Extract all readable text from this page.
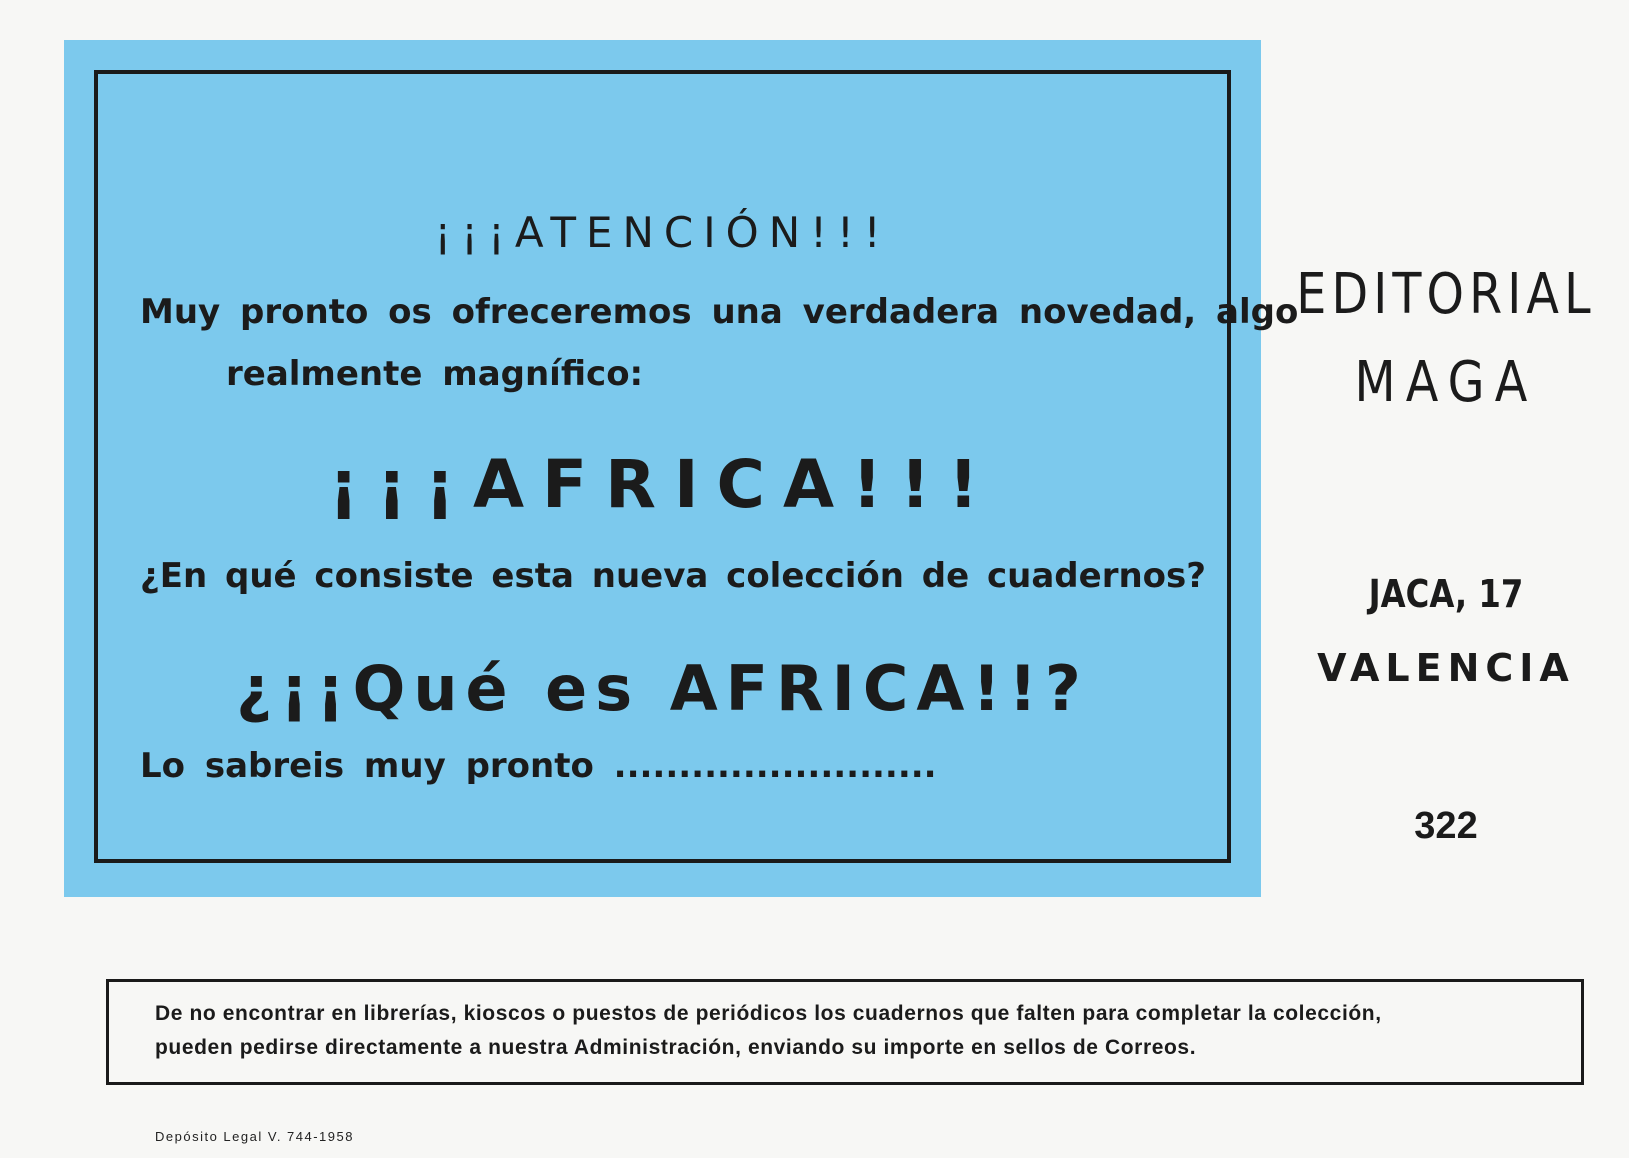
¡¡¡ATENCIÓN!!!
Muy pronto os ofreceremos una verdadera novedad, algo
realmente magnífico:
¡¡¡AFRICA!!!
¿En qué consiste esta nueva colección de cuadernos?
¿¡¡Qué es AFRICA!!?
Lo sabreis muy pronto .........................
EDITORIAL
MAGA
JACA, 17
VALENCIA
322

De no encontrar en librerías, kioscos o puestos de periódicos los cuadernos que falten para completar la colección,

pueden pedirse directamente a nuestra Administración, enviando su importe en sellos de Correos.

Depósito Legal V. 744-1958
